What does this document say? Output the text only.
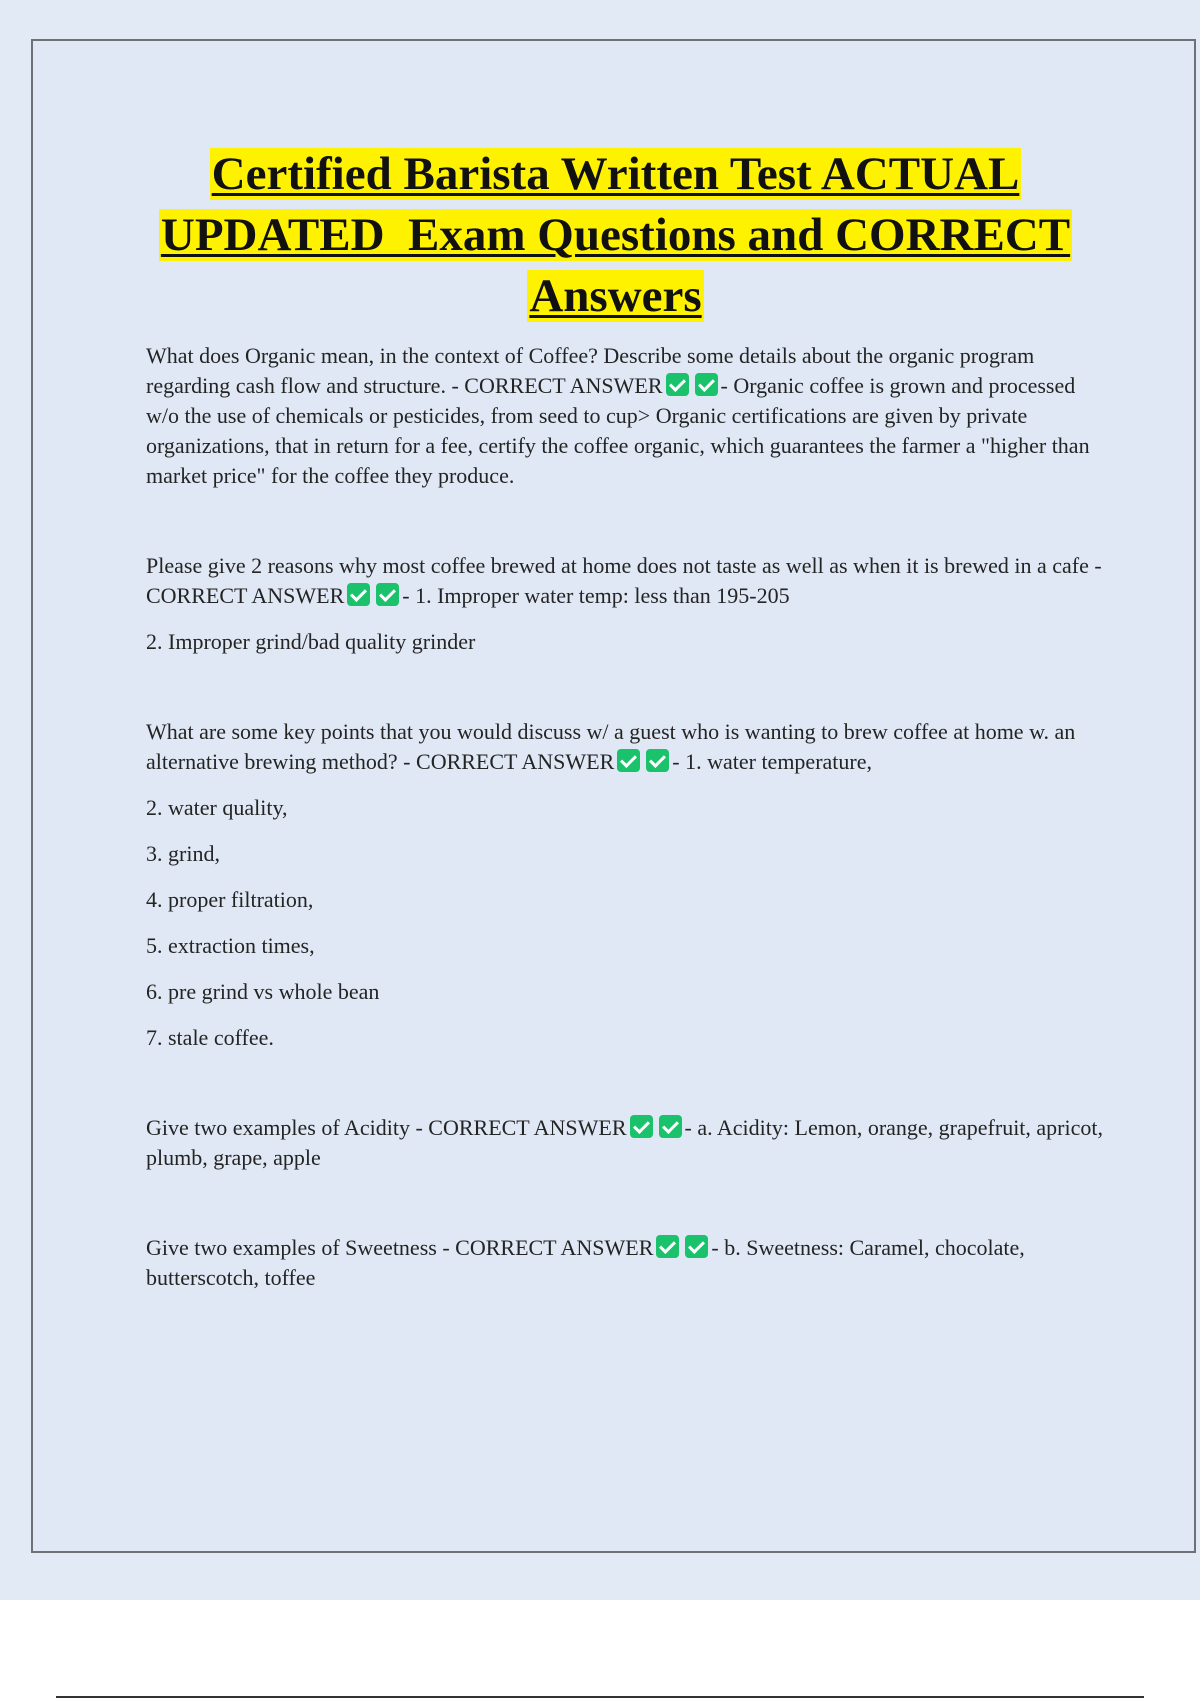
Certified Barista Written Test ACTUAL
UPDATED  Exam Questions and CORRECT
Answers

What does Organic mean, in the context of Coffee? Describe some details about the organic program regarding cash flow and structure. - CORRECT ANSWER	- Organic coffee is grown and processed w/o the use of chemicals or pesticides, from seed to cup> Organic certifications are given by private organizations, that in return for a fee, certify the coffee organic, which guarantees the farmer a "higher than market price" for the coffee they produce.

Please give 2 reasons why most coffee brewed at home does not taste as well as when it is brewed in a cafe - CORRECT ANSWER	- 1. Improper water temp: less than 195-205

2. Improper grind/bad quality grinder

What are some key points that you would discuss w/ a guest who is wanting to brew coffee at home w. an alternative brewing method? - CORRECT ANSWER	- 1. water temperature,

2. water quality,

3. grind,

4. proper filtration,

5. extraction times,

6. pre grind vs whole bean

7. stale coffee.

Give two examples of Acidity - CORRECT ANSWER	- a. Acidity: Lemon, orange, grapefruit, apricot, plumb, grape, apple

Give two examples of Sweetness - CORRECT ANSWER	- b. Sweetness: Caramel, chocolate, butterscotch, toffee
